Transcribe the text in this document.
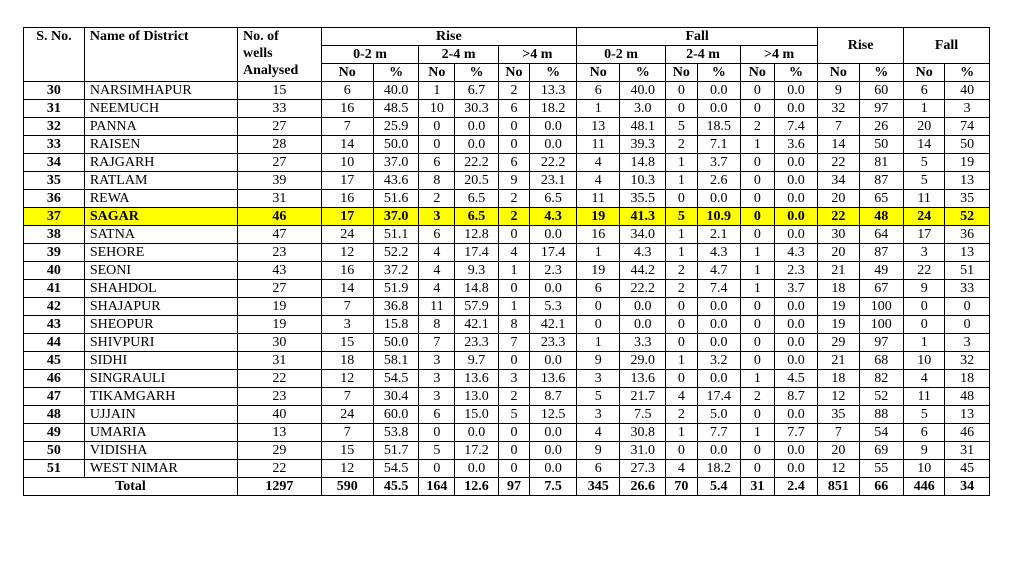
S. No.	Name of District	No. of
wells
Analysed	Rise						Fall						Rise		Fall	
			0-2 m		2-4 m		>4 m		0-2 m		2-4 m		>4 m					
			No	%	No	%	No	%	No	%	No	%	No	%	No	%	No	%
30	NARSIMHAPUR	15	6	40.0	1	6.7	2	13.3	6	40.0	0	0.0	0	0.0	9	60	6	40
31	NEEMUCH	33	16	48.5	10	30.3	6	18.2	1	3.0	0	0.0	0	0.0	32	97	1	3
32	PANNA	27	7	25.9	0	0.0	0	0.0	13	48.1	5	18.5	2	7.4	7	26	20	74
33	RAISEN	28	14	50.0	0	0.0	0	0.0	11	39.3	2	7.1	1	3.6	14	50	14	50
34	RAJGARH	27	10	37.0	6	22.2	6	22.2	4	14.8	1	3.7	0	0.0	22	81	5	19
35	RATLAM	39	17	43.6	8	20.5	9	23.1	4	10.3	1	2.6	0	0.0	34	87	5	13
36	REWA	31	16	51.6	2	6.5	2	6.5	11	35.5	0	0.0	0	0.0	20	65	11	35
37	SAGAR	46	17	37.0	3	6.5	2	4.3	19	41.3	5	10.9	0	0.0	22	48	24	52
38	SATNA	47	24	51.1	6	12.8	0	0.0	16	34.0	1	2.1	0	0.0	30	64	17	36
39	SEHORE	23	12	52.2	4	17.4	4	17.4	1	4.3	1	4.3	1	4.3	20	87	3	13
40	SEONI	43	16	37.2	4	9.3	1	2.3	19	44.2	2	4.7	1	2.3	21	49	22	51
41	SHAHDOL	27	14	51.9	4	14.8	0	0.0	6	22.2	2	7.4	1	3.7	18	67	9	33
42	SHAJAPUR	19	7	36.8	11	57.9	1	5.3	0	0.0	0	0.0	0	0.0	19	100	0	0
43	SHEOPUR	19	3	15.8	8	42.1	8	42.1	0	0.0	0	0.0	0	0.0	19	100	0	0
44	SHIVPURI	30	15	50.0	7	23.3	7	23.3	1	3.3	0	0.0	0	0.0	29	97	1	3
45	SIDHI	31	18	58.1	3	9.7	0	0.0	9	29.0	1	3.2	0	0.0	21	68	10	32
46	SINGRAULI	22	12	54.5	3	13.6	3	13.6	3	13.6	0	0.0	1	4.5	18	82	4	18
47	TIKAMGARH	23	7	30.4	3	13.0	2	8.7	5	21.7	4	17.4	2	8.7	12	52	11	48
48	UJJAIN	40	24	60.0	6	15.0	5	12.5	3	7.5	2	5.0	0	0.0	35	88	5	13
49	UMARIA	13	7	53.8	0	0.0	0	0.0	4	30.8	1	7.7	1	7.7	7	54	6	46
50	VIDISHA	29	15	51.7	5	17.2	0	0.0	9	31.0	0	0.0	0	0.0	20	69	9	31
51	WEST NIMAR	22	12	54.5	0	0.0	0	0.0	6	27.3	4	18.2	0	0.0	12	55	10	45
Total		1297	590	45.5	164	12.6	97	7.5	345	26.6	70	5.4	31	2.4	851	66	446	34
